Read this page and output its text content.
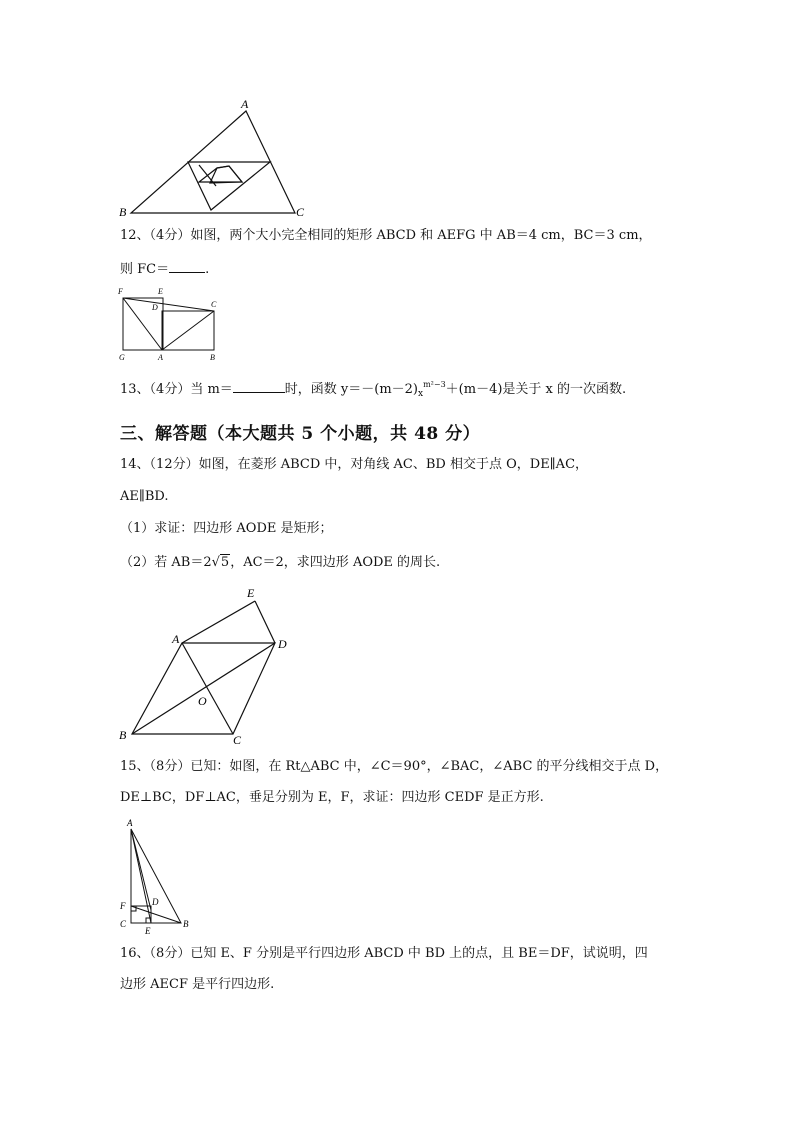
A
B	C
12、（4分）如图，两个大小完全相同的矩形 ABCD 和 AEFG 中 AB＝4 cm，BC＝3 cm，
则 FC＝	.
F	E
D	C
G	A	B
13、（4分）当 m＝	时，函数 $y=-(m-2)_x^{m^2-3}+(m-4)$是关于 x 的一次函数.
三、解答题（本大题共 5 个小题，共 48 分）
14、（12分）如图，在菱形 ABCD 中，对角线 AC、BD 相交于点 O，DE∥AC，
AE∥BD.
（1）求证：四边形 AODE 是矩形；
（2）若 AB＝2√5，AC＝2，求四边形 AODE 的周长.
E
A	D
O
B	C
15、（8分）已知：如图，在 Rt△ABC 中，∠C＝90°，∠BAC，∠ABC 的平分线相交于点 D，
DE⊥BC，DF⊥AC，垂足分别为 E，F，求证：四边形 CEDF 是正方形.
A
F	D
C
E
B
16、（8分）已知 E、F 分别是平行四边形 ABCD 中 BD 上的点，且 BE＝DF，试说明，四
边形 AECF 是平行四边形.
